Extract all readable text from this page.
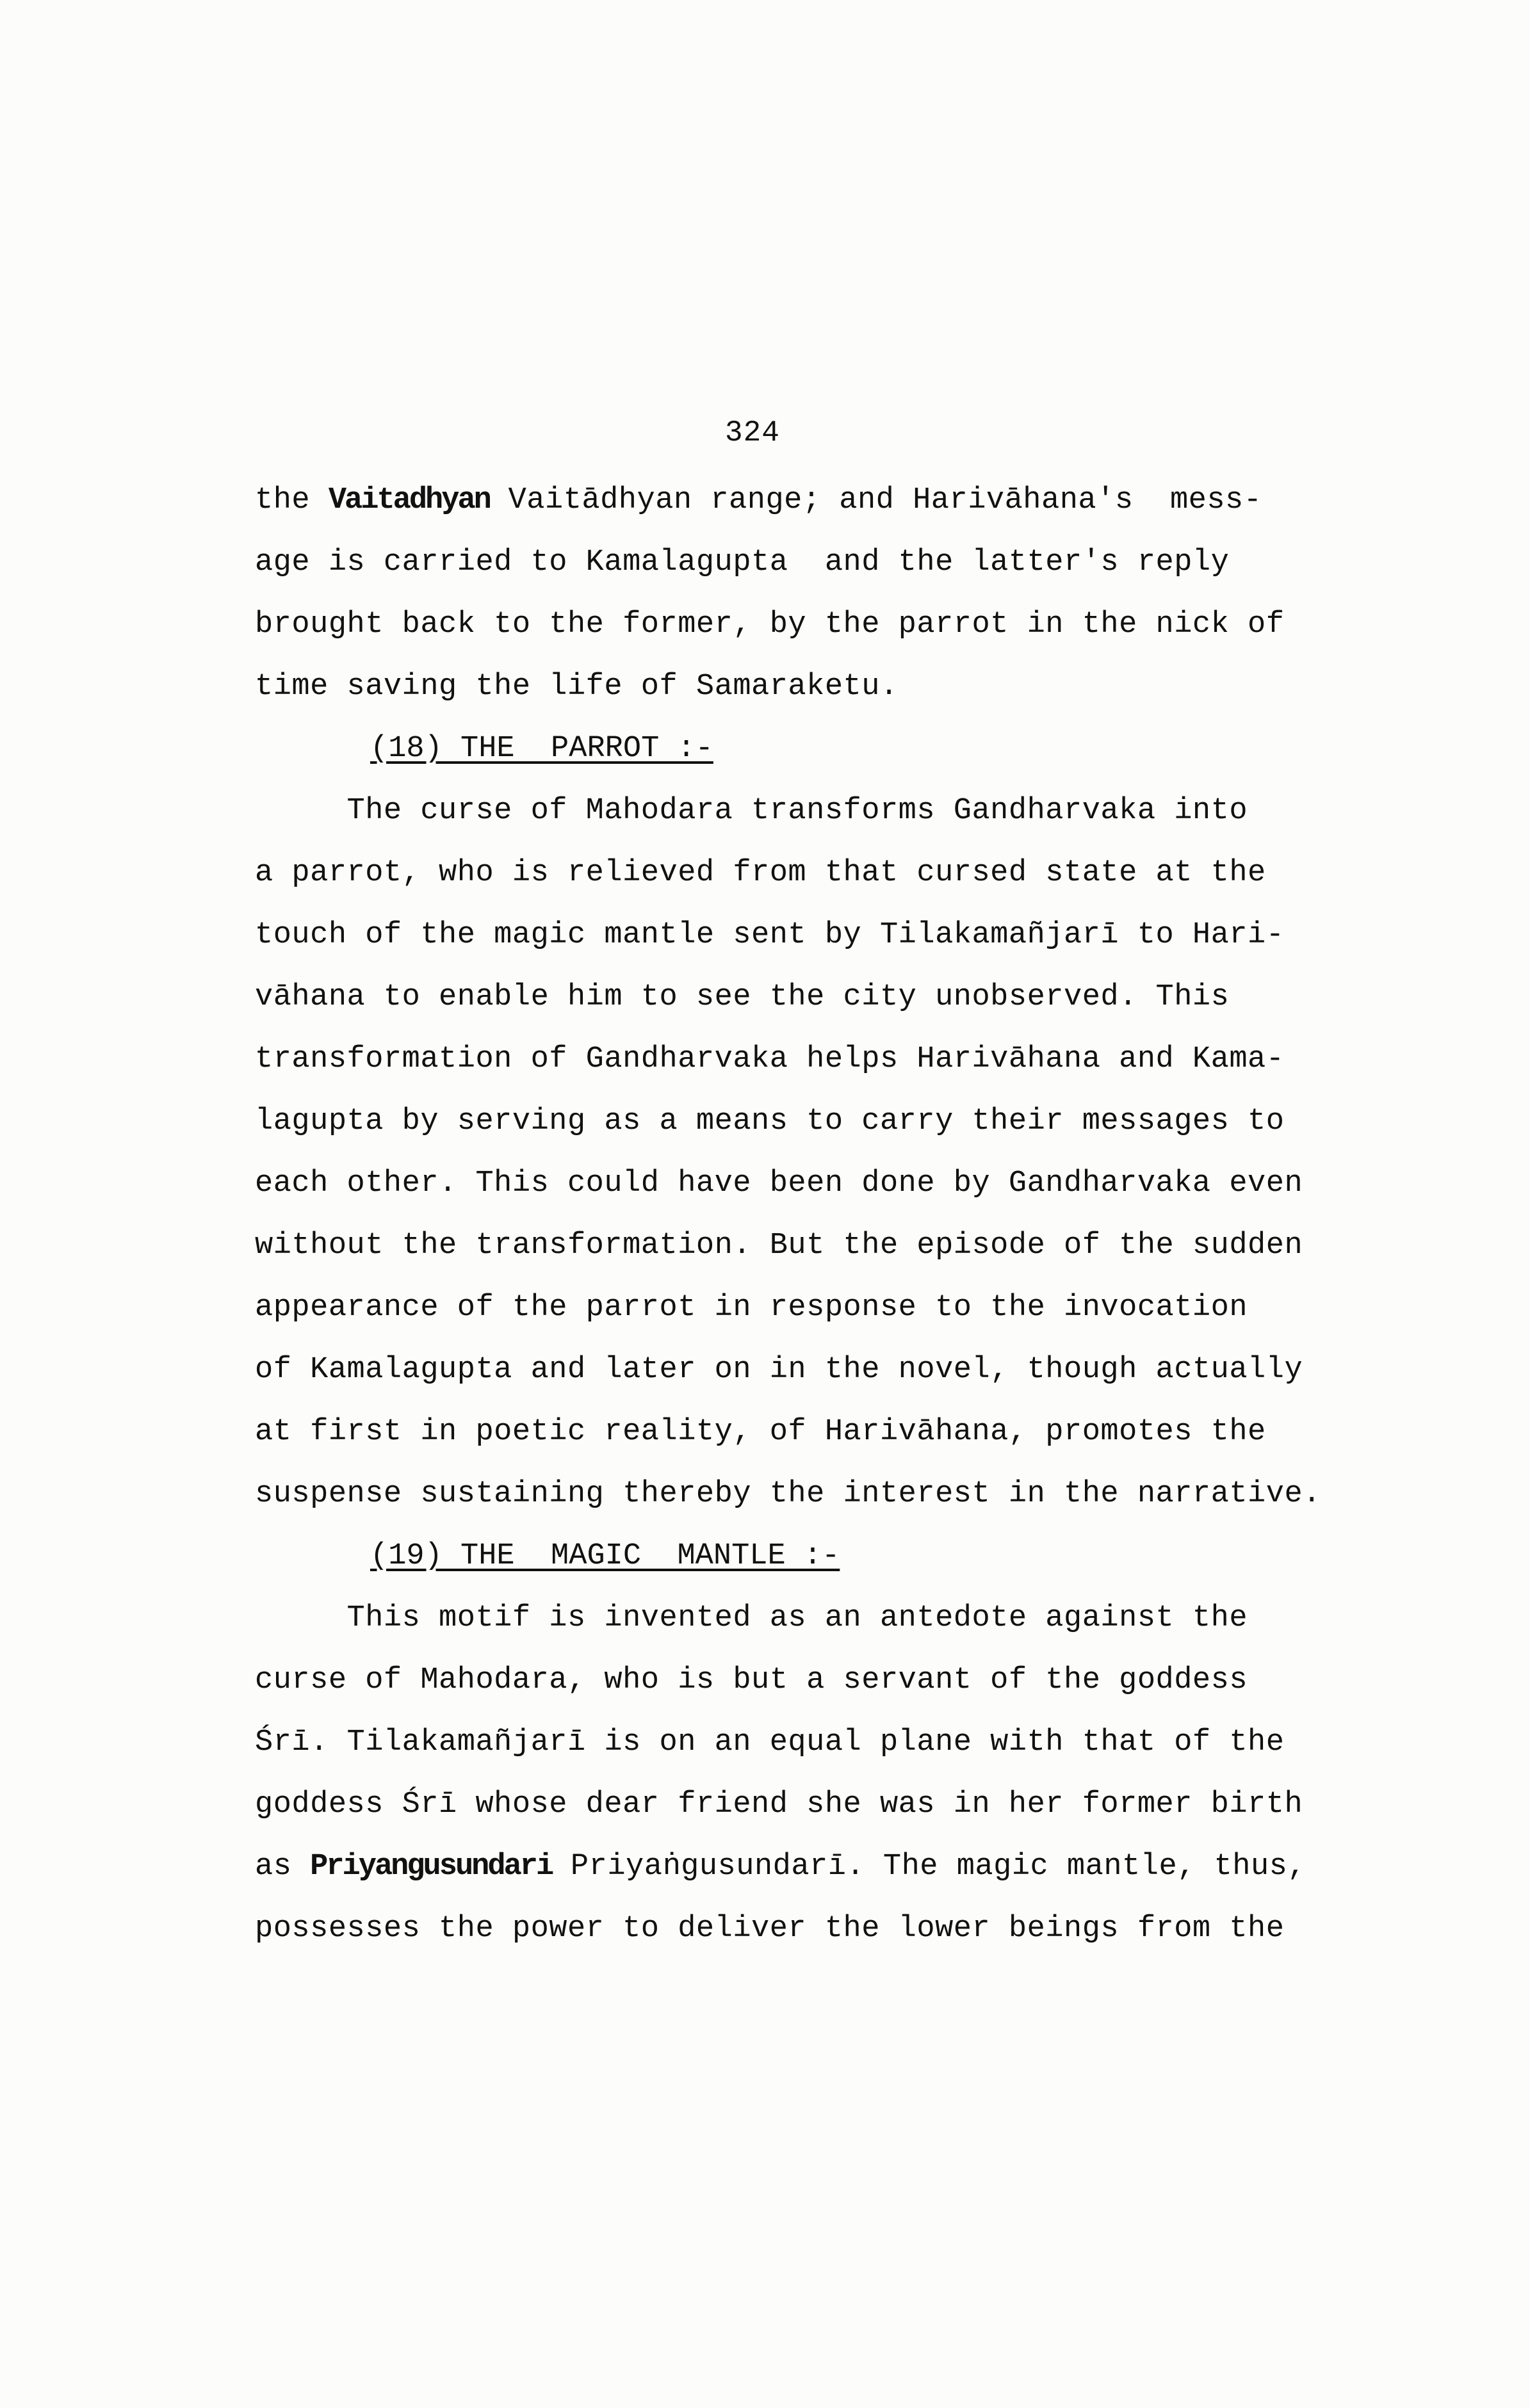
324
the Vaitadhyan Vaitādhyan range; and Harivāhana's  mess-
age is carried to Kamalagupta  and the latter's reply
brought back to the former, by the parrot in the nick of
time saving the life of Samaraketu.
(18) THE  PARROT :-
The curse of Mahodara transforms Gandharvaka into
a parrot, who is relieved from that cursed state at the
touch of the magic mantle sent by Tilakamañjarī to Hari-
vāhana to enable him to see the city unobserved. This
transformation of Gandharvaka helps Harivāhana and Kama-
lagupta by serving as a means to carry their messages to
each other. This could have been done by Gandharvaka even
without the transformation. But the episode of the sudden
appearance of the parrot in response to the invocation
of Kamalagupta and later on in the novel, though actually
at first in poetic reality, of Harivāhana, promotes the
suspense sustaining thereby the interest in the narrative.
(19) THE  MAGIC  MANTLE :-
This motif is invented as an antedote against the
curse of Mahodara, who is but a servant of the goddess
Śrī. Tilakamañjarī is on an equal plane with that of the
goddess Śrī whose dear friend she was in her former birth
as Priyangusundari Priyaṅgusundarī. The magic mantle, thus,
possesses the power to deliver the lower beings from the
